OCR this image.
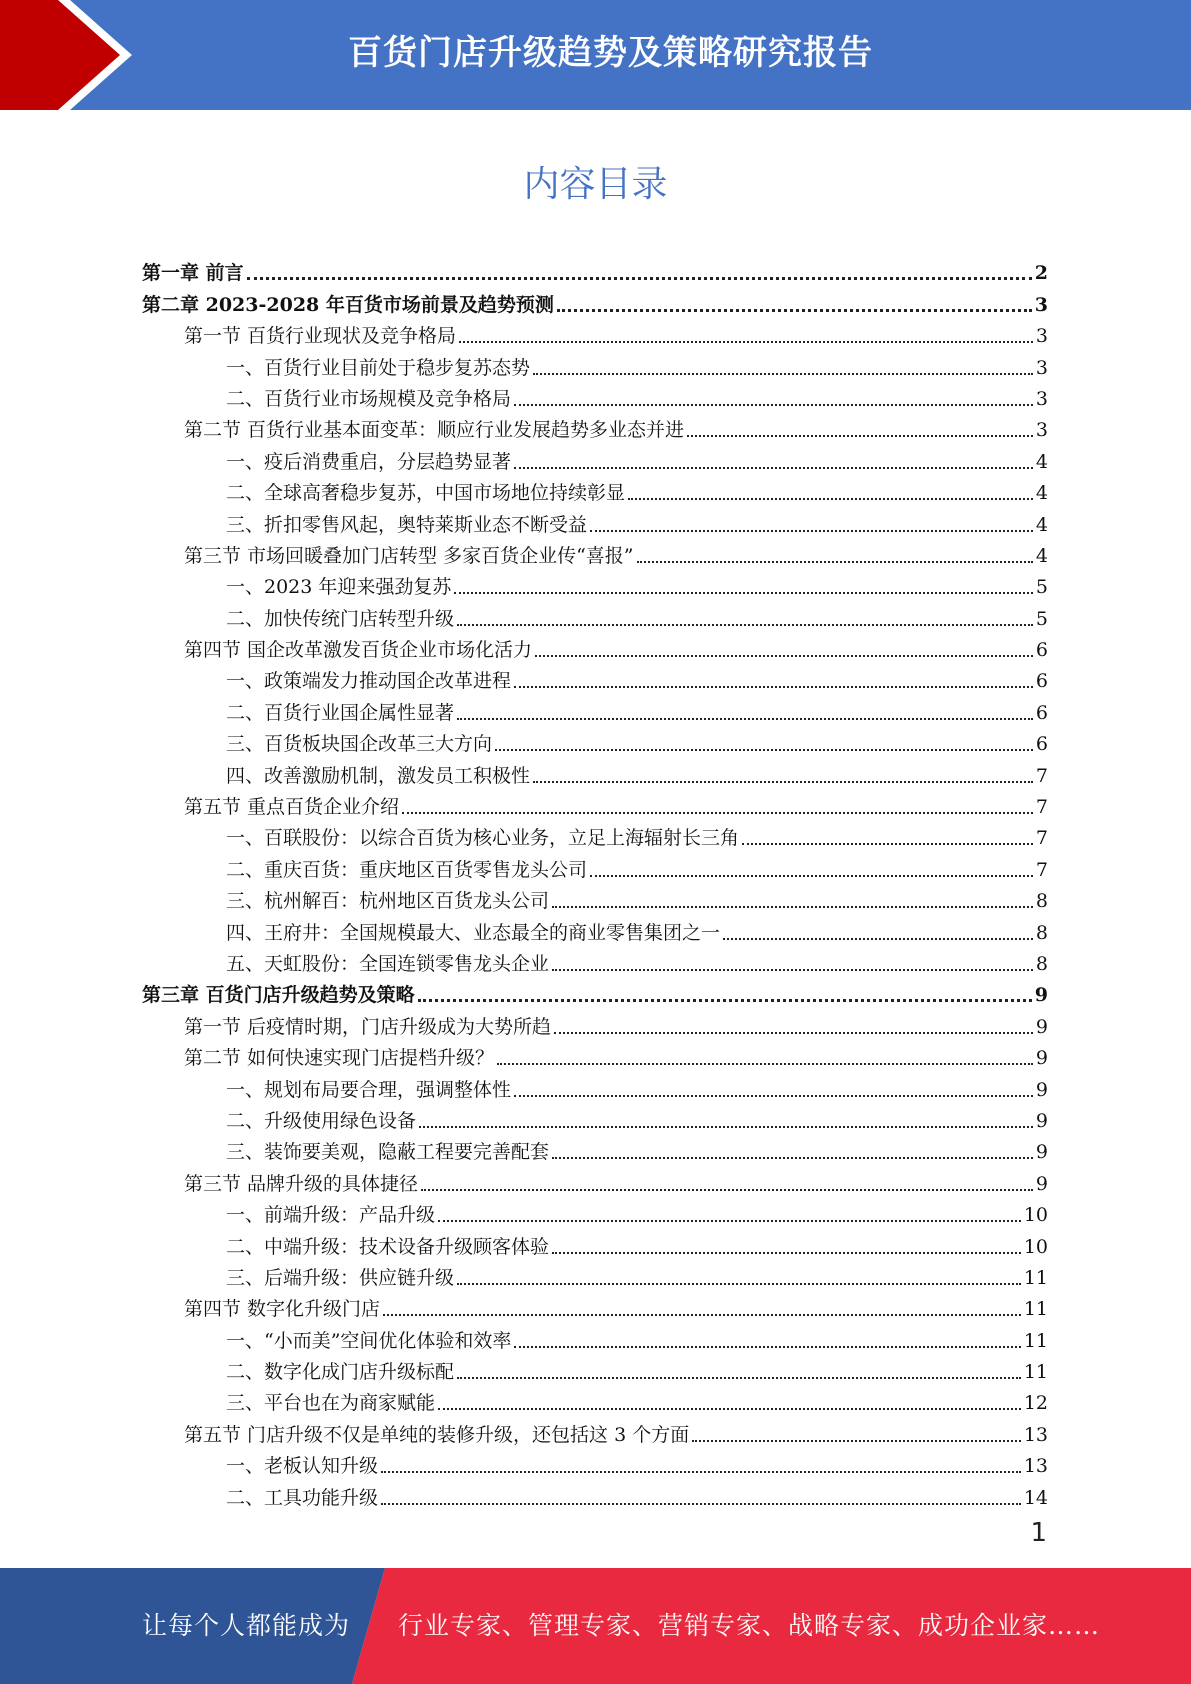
百货门店升级趋势及策略研究报告
内容目录
第一章 前言	2
第二章 2023-2028 年百货市场前景及趋势预测	3
第一节 百货行业现状及竞争格局	3
一、百货行业目前处于稳步复苏态势	3
二、百货行业市场规模及竞争格局	3
第二节 百货行业基本面变革：顺应行业发展趋势多业态并进	3
一、疫后消费重启，分层趋势显著	4
二、全球高奢稳步复苏，中国市场地位持续彰显	4
三、折扣零售风起，奥特莱斯业态不断受益	4
第三节 市场回暖叠加门店转型 多家百货企业传“喜报”	4
一、2023 年迎来强劲复苏	5
二、加快传统门店转型升级	5
第四节 国企改革激发百货企业市场化活力	6
一、政策端发力推动国企改革进程	6
二、百货行业国企属性显著	6
三、百货板块国企改革三大方向	6
四、改善激励机制，激发员工积极性	7
第五节 重点百货企业介绍	7
一、百联股份：以综合百货为核心业务，立足上海辐射长三角	7
二、重庆百货：重庆地区百货零售龙头公司	7
三、杭州解百：杭州地区百货龙头公司	8
四、王府井：全国规模最大、业态最全的商业零售集团之一	8
五、天虹股份：全国连锁零售龙头企业	8
第三章 百货门店升级趋势及策略	9
第一节 后疫情时期，门店升级成为大势所趋	9
第二节 如何快速实现门店提档升级？	9
一、规划布局要合理，强调整体性	9
二、升级使用绿色设备	9
三、装饰要美观，隐蔽工程要完善配套	9
第三节 品牌升级的具体捷径	9
一、前端升级：产品升级	10
二、中端升级：技术设备升级顾客体验	10
三、后端升级：供应链升级	11
第四节 数字化升级门店	11
一、“小而美”空间优化体验和效率	11
二、数字化成门店升级标配	11
三、平台也在为商家赋能	12
第五节 门店升级不仅是单纯的装修升级，还包括这 3 个方面	13
一、老板认知升级	13
二、工具功能升级	14
1
让每个人都能成为 行业专家、管理专家、营销专家、战略专家、成功企业家……
